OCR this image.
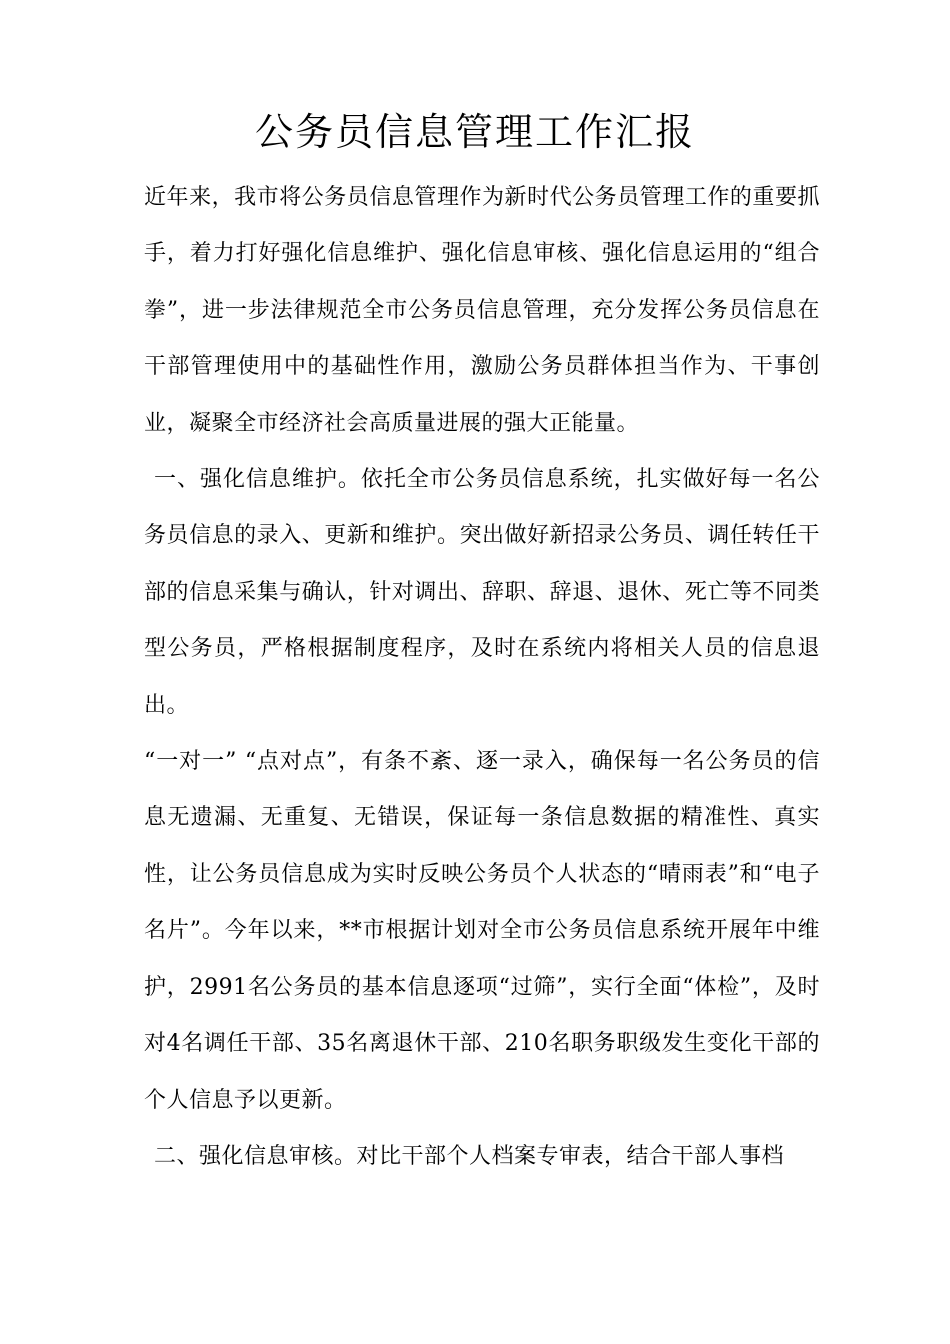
公务员信息管理工作汇报

近年来，我市将公务员信息管理作为新时代公务员管理工作的重要抓手，着力打好强化信息维护、强化信息审核、强化信息运用的“组合拳”，进一步法律规范全市公务员信息管理，充分发挥公务员信息在干部管理使用中的基础性作用，激励公务员群体担当作为、干事创业，凝聚全市经济社会高质量进展的强大正能量。

一、强化信息维护。依托全市公务员信息系统，扎实做好每一名公务员信息的录入、更新和维护。突出做好新招录公务员、调任转任干部的信息采集与确认，针对调出、辞职、辞退、退休、死亡等不同类型公务员，严格根据制度程序，及时在系统内将相关人员的信息退出。

“一对一” “点对点”，有条不紊、逐一录入，确保每一名公务员的信息无遗漏、无重复、无错误，保证每一条信息数据的精准性、真实性，让公务员信息成为实时反映公务员个人状态的“晴雨表”和“电子名片”。今年以来，**市根据计划对全市公务员信息系统开展年中维护，2991名公务员的基本信息逐项“过筛”，实行全面“体检”，及时对4名调任干部、35名离退休干部、210名职务职级发生变化干部的个人信息予以更新。

二、强化信息审核。对比干部个人档案专审表，结合干部人事档
